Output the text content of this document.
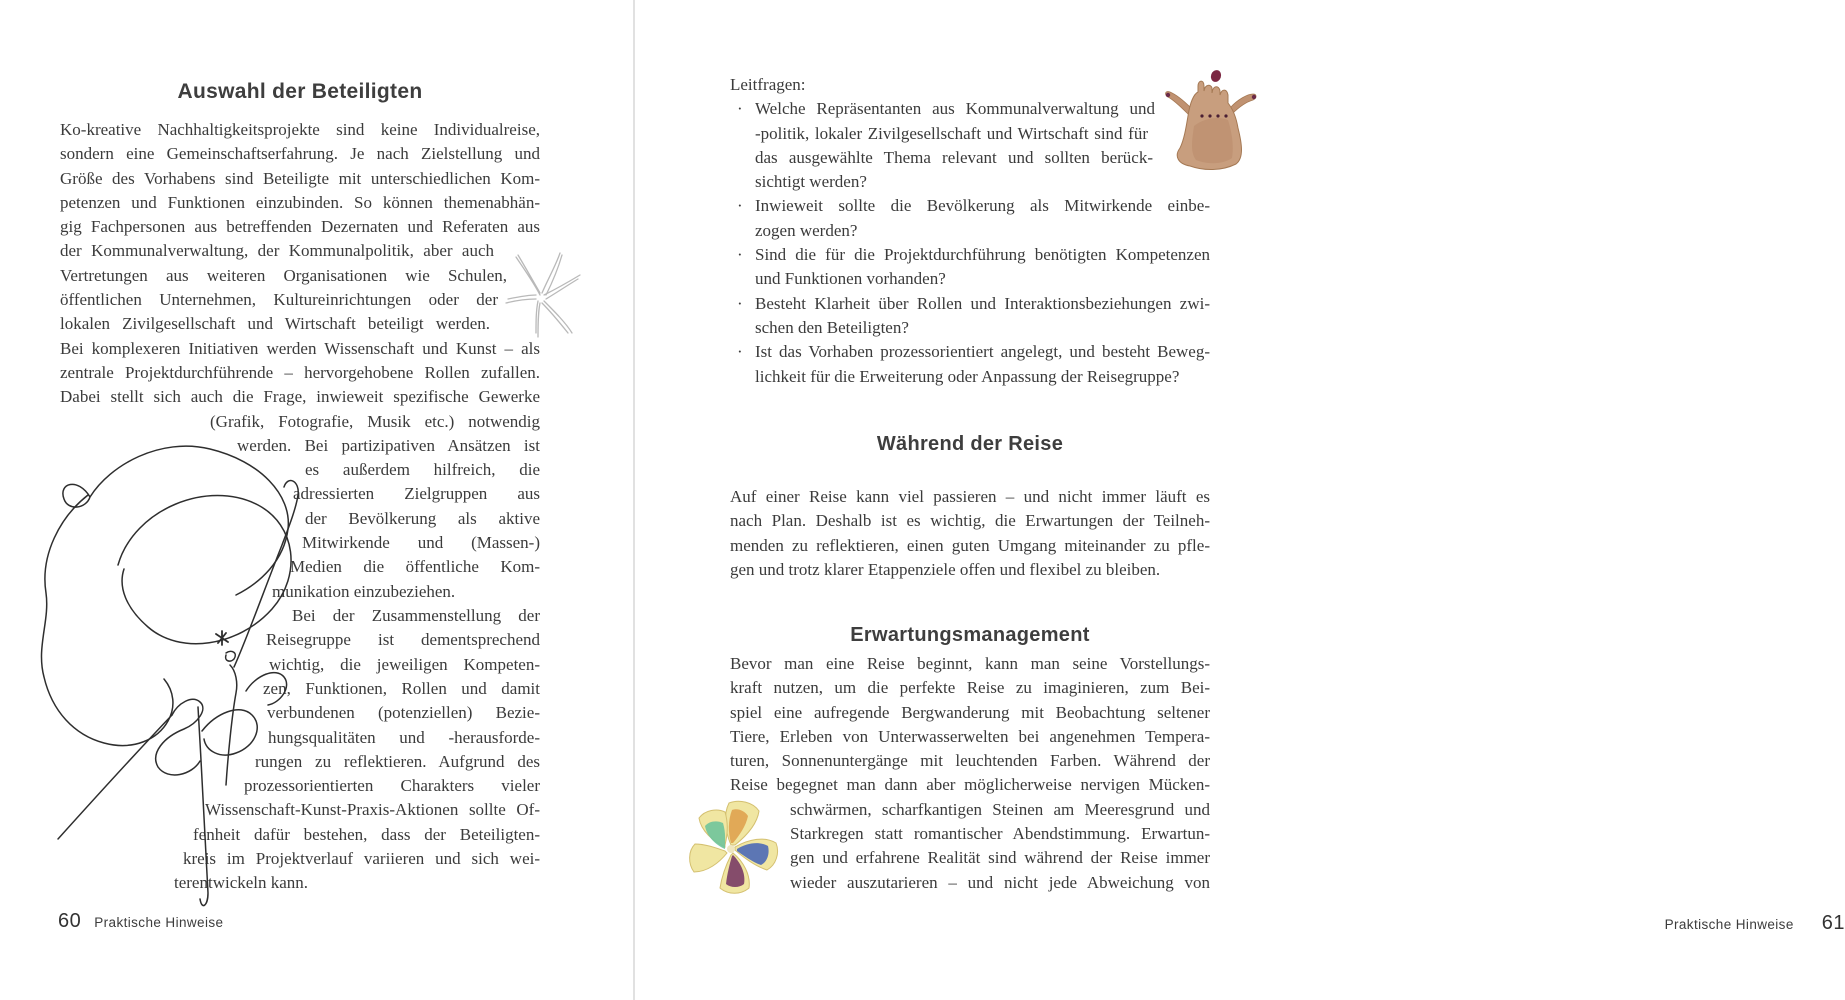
Auswahl der Beteiligten
Ko-kreative Nachhaltigkeitsprojekte sind keine Individualreise,
sondern eine Gemeinschaftserfahrung. Je nach Zielstellung und
Größe des Vorhabens sind Beteiligte mit unterschiedlichen Kom-
petenzen und Funktionen einzubinden. So können themenabhän-
gig Fachpersonen aus betreffenden Dezernaten und Referaten aus
der Kommunalverwaltung, der Kommunalpolitik, aber auch
Vertretungen aus weiteren Organisationen wie Schulen,
öffentlichen Unternehmen, Kultureinrichtungen oder der
lokalen Zivilgesellschaft und Wirtschaft beteiligt werden.
Bei komplexeren Initiativen werden Wissenschaft und Kunst – als
zentrale Projektdurchführende – hervorgehobene Rollen zufallen.
Dabei stellt sich auch die Frage, inwieweit spezifische Gewerke
(Grafik, Fotografie, Musik etc.) notwendig
werden. Bei partizipativen Ansätzen ist
es außerdem hilfreich, die
adressierten Zielgruppen aus
der Bevölkerung als aktive
Mitwirkende und (Massen-)
Medien die öffentliche Kom-
munikation einzubeziehen.
Bei der Zusammenstellung der
Reisegruppe ist dementsprechend
wichtig, die jeweiligen Kompeten-
zen, Funktionen, Rollen und damit
verbundenen (potenziellen) Bezie-
hungsqualitäten und -herausforde-
rungen zu reflektieren. Aufgrund des
prozessorientierten Charakters vieler
Wissenschaft-Kunst-Praxis-Aktionen sollte Of-
fenheit dafür bestehen, dass der Beteiligten-
kreis im Projektverlauf variieren und sich wei-
terentwickeln kann.
60 Praktische Hinweise
Leitfragen:
· Welche Repräsentanten aus Kommunalverwaltung und
-politik, lokaler Zivilgesellschaft und Wirtschaft sind für
das ausgewählte Thema relevant und sollten berück-
sichtigt werden?
· Inwieweit sollte die Bevölkerung als Mitwirkende einbe-
zogen werden?
· Sind die für die Projektdurchführung benötigten Kompetenzen
und Funktionen vorhanden?
· Besteht Klarheit über Rollen und Interaktionsbeziehungen zwi-
schen den Beteiligten?
· Ist das Vorhaben prozessorientiert angelegt, und besteht Beweg-
lichkeit für die Erweiterung oder Anpassung der Reisegruppe?
Während der Reise
Auf einer Reise kann viel passieren – und nicht immer läuft es
nach Plan. Deshalb ist es wichtig, die Erwartungen der Teilneh-
menden zu reflektieren, einen guten Umgang miteinander zu pfle-
gen und trotz klarer Etappenziele offen und flexibel zu bleiben.
Erwartungsmanagement
Bevor man eine Reise beginnt, kann man seine Vorstellungs-
kraft nutzen, um die perfekte Reise zu imaginieren, zum Bei-
spiel eine aufregende Bergwanderung mit Beobachtung seltener
Tiere, Erleben von Unterwasserwelten bei angenehmen Tempera-
turen, Sonnenuntergänge mit leuchtenden Farben. Während der
Reise begegnet man dann aber möglicherweise nervigen Mücken-
schwärmen, scharfkantigen Steinen am Meeresgrund und
Starkregen statt romantischer Abendstimmung. Erwartun-
gen und erfahrene Realität sind während der Reise immer
wieder auszutarieren – und nicht jede Abweichung von
Praktische Hinweise 61
